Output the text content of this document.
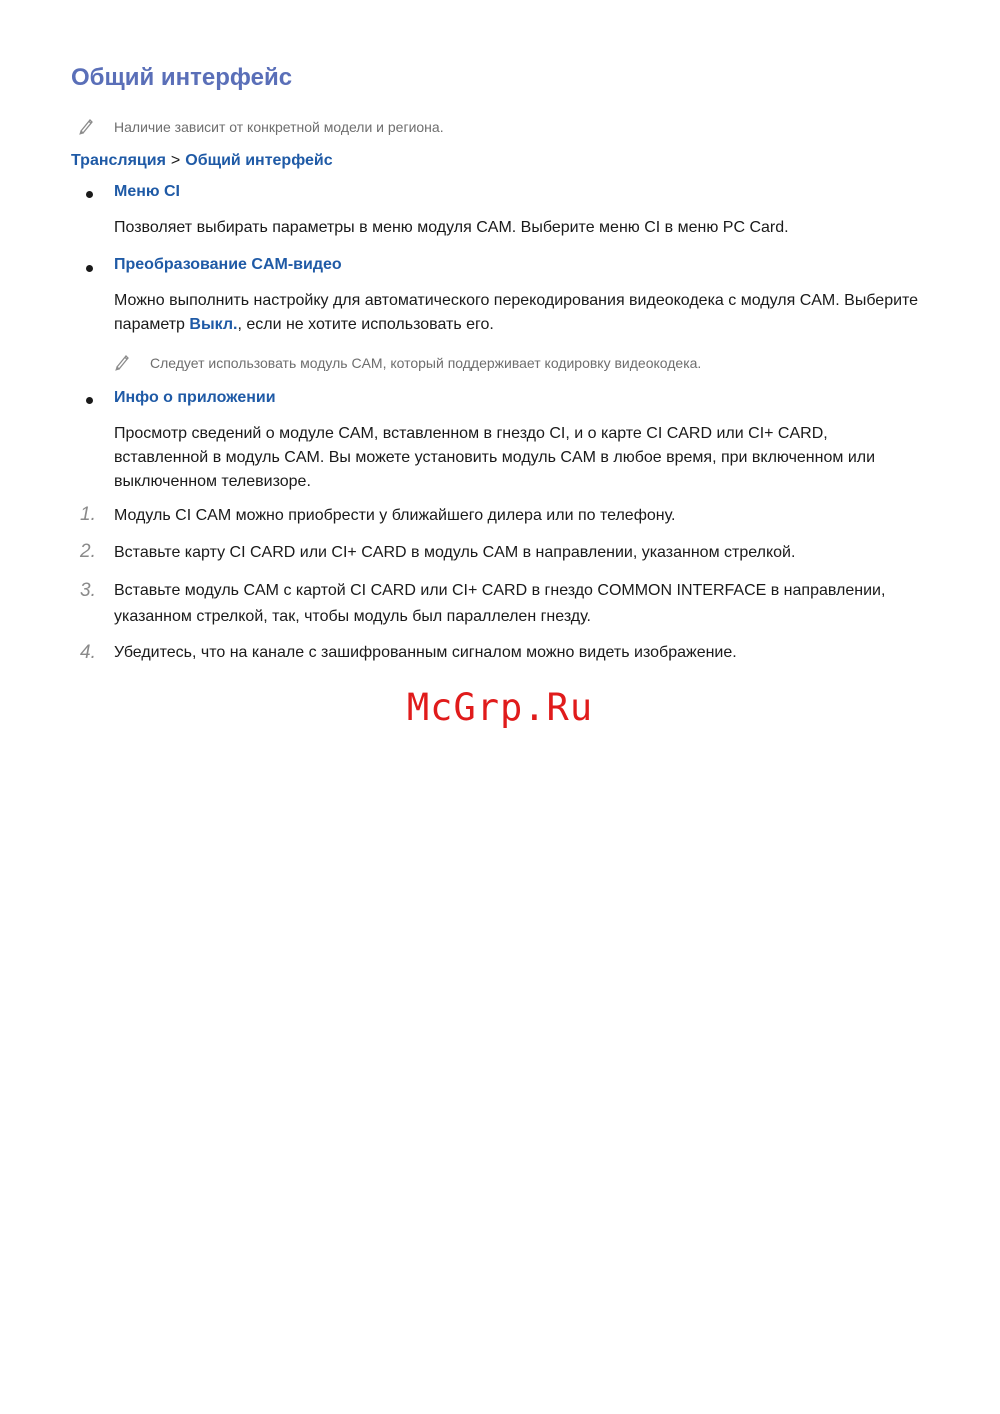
Общий интерфейс
Наличие зависит от конкретной модели и региона.
Трансляция > Общий интерфейс
Меню CI

Позволяет выбирать параметры в меню модуля CAM. Выберите меню CI в меню PC Card.

Преобразование CAM-видео

Можно выполнить настройку для автоматического перекодирования видеокодека с модуля CAM. Выберите параметр Выкл., если не хотите использовать его.

Следует использовать модуль CAM, который поддерживает кодировку видеокодека.
Инфо о приложении

Просмотр сведений о модуле CAM, вставленном в гнездо CI, и о карте CI CARD или CI+ CARD, вставленной в модуль CAM. Вы можете установить модуль CAM в любое время, при включенном или выключенном телевизоре.

1. Модуль CI CAM можно приобрести у ближайшего дилера или по телефону.

2. Вставьте карту CI CARD или CI+ CARD в модуль CAM в направлении, указанном стрелкой.

3. Вставьте модуль CAM с картой CI CARD или CI+ CARD в гнездо COMMON INTERFACE в направлении, указанном стрелкой, так, чтобы модуль был параллелен гнезду.

4. Убедитесь, что на канале с зашифрованным сигналом можно видеть изображение.

McGrp.Ru
